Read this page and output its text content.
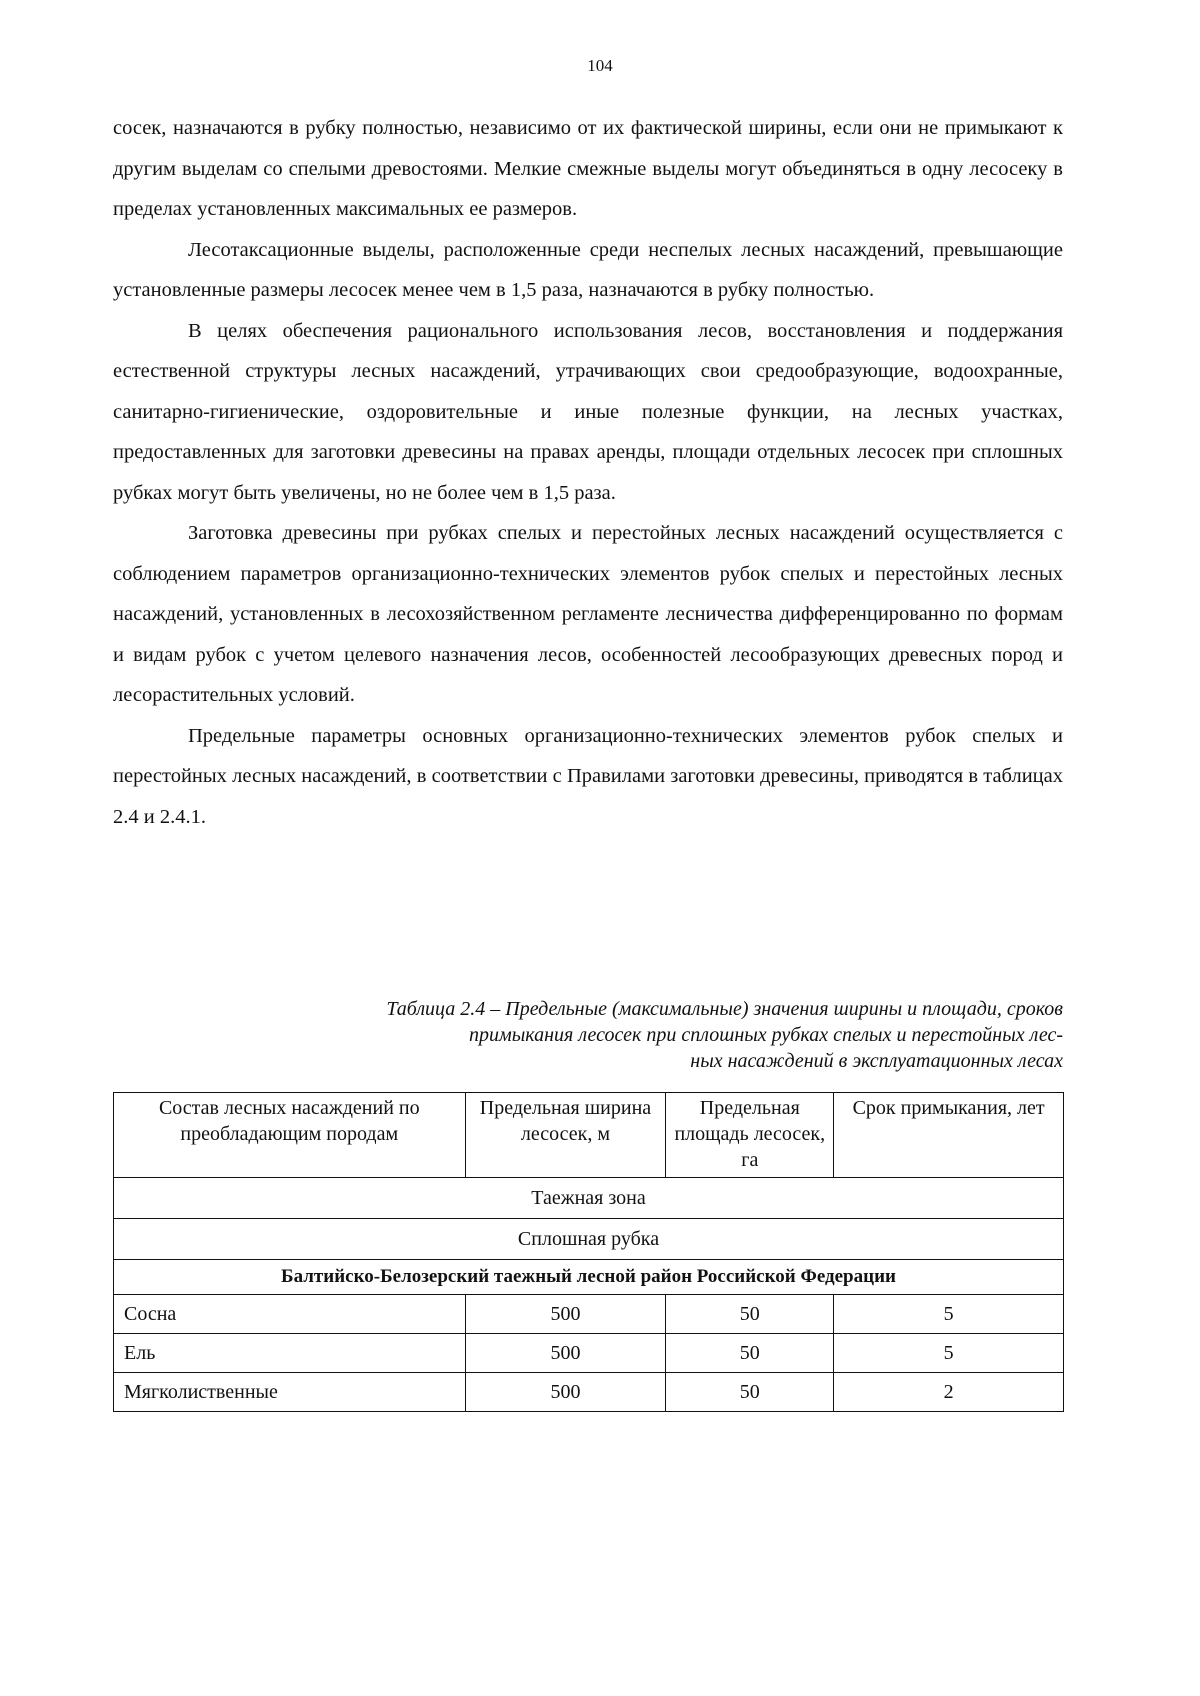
104

сосек, назначаются в рубку полностью, независимо от их фактической ширины, если они не примыкают к другим выделам со спелыми древостоями. Мелкие смежные выделы могут объединяться в одну лесосеку в пределах установленных максимальных ее размеров.

Лесотаксационные выделы, расположенные среди неспелых лесных насаждений, превышающие установленные размеры лесосек менее чем в 1,5 раза, назначаются в рубку полностью.

В целях обеспечения рационального использования лесов, восстановления и поддержания естественной структуры лесных насаждений, утрачивающих свои средообразующие, водоохранные, санитарно-гигиенические, оздоровительные и иные полезные функции, на лесных участках, предоставленных для заготовки древесины на правах аренды, площади отдельных лесосек при сплошных рубках могут быть увеличены, но не более чем в 1,5 раза.

Заготовка древесины при рубках спелых и перестойных лесных насаждений осуществляется с соблюдением параметров организационно-технических элементов рубок спелых и перестойных лесных насаждений, установленных в лесохозяйственном регламенте лесничества дифференцированно по формам и видам рубок с учетом целевого назначения лесов, особенностей лесообразующих древесных пород и лесорастительных условий.

Предельные параметры основных организационно-технических элементов рубок спелых и перестойных лесных насаждений, в соответствии с Правилами заготовки древесины, приводятся в таблицах 2.4 и 2.4.1.

Таблица 2.4 – Предельные (максимальные) значения ширины и площади, сроков
примыкания лесосек при сплошных рубках спелых и перестойных лес-
ных насаждений в эксплуатационных лесах
Состав лесных насаждений по преобладающим породам	Предельная ширина лесосек, м	Предельная площадь лесосек, га	Срок примыкания, лет
Таежная зона			
Сплошная рубка			
Балтийско-Белозерский таежный лесной район Российской Федерации			
Сосна	500	50	5
Ель	500	50	5
Мягколиственные	500	50	2
